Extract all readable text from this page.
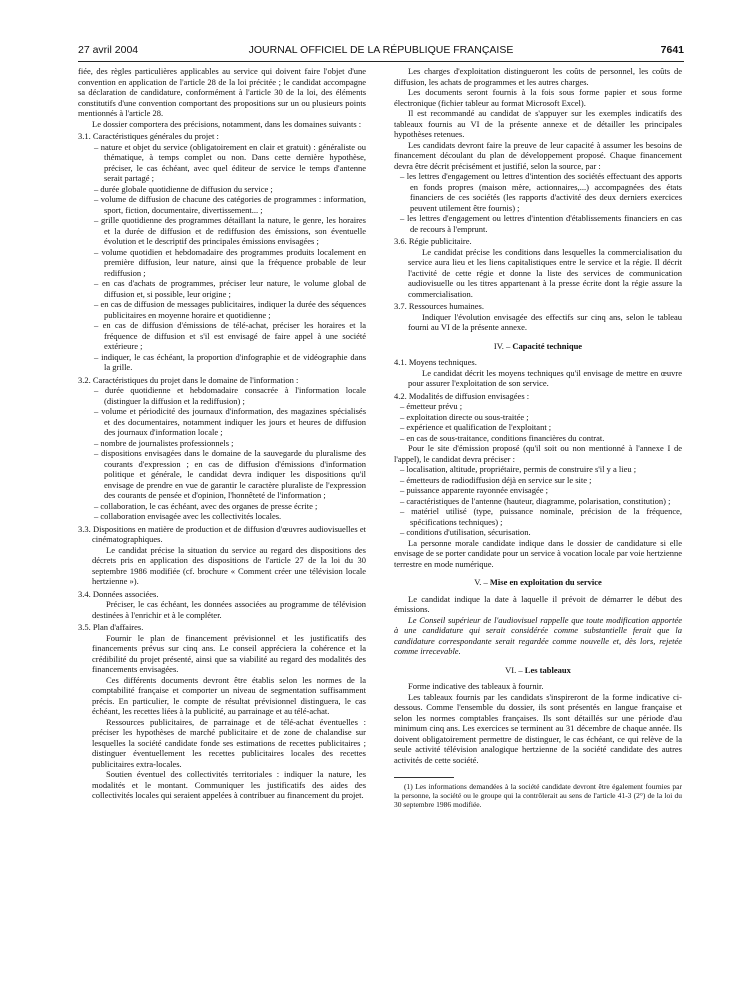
27 avril 2004	JOURNAL OFFICIEL DE LA RÉPUBLIQUE FRANÇAISE	7641

fiée, des règles particulières applicables au service qui doivent faire l'objet d'une convention en application de l'article 28 de la loi précitée ; le candidat accompagne sa déclaration de candidature, conformément à l'article 30 de la loi, des éléments constitutifs d'une convention comportant des propositions sur un ou plusieurs points mentionnés à l'article 28.

Le dossier comportera des précisions, notamment, dans les domaines suivants :

3.1. Caractéristiques générales du projet :

– nature et objet du service (obligatoirement en clair et gratuit) : généraliste ou thématique, à temps complet ou non. Dans cette dernière hypothèse, préciser, le cas échéant, avec quel éditeur de service le temps d'antenne serait partagé ;

– durée globale quotidienne de diffusion du service ;

– volume de diffusion de chacune des catégories de programmes : information, sport, fiction, documentaire, divertissement... ;

– grille quotidienne des programmes détaillant la nature, le genre, les horaires et la durée de diffusion et de rediffusion des émissions, son éventuelle évolution et le descriptif des principales émissions envisagées ;

– volume quotidien et hebdomadaire des programmes produits localement en première diffusion, leur nature, ainsi que la fréquence probable de leur rediffusion ;

– en cas d'achats de programmes, préciser leur nature, le volume global de diffusion et, si possible, leur origine ;

– en cas de diffusion de messages publicitaires, indiquer la durée des séquences publicitaires en moyenne horaire et quotidienne ;

– en cas de diffusion d'émissions de télé-achat, préciser les horaires et la fréquence de diffusion et s'il est envisagé de faire appel à une société extérieure ;

– indiquer, le cas échéant, la proportion d'infographie et de vidéographie dans la grille.

3.2. Caractéristiques du projet dans le domaine de l'information :

– durée quotidienne et hebdomadaire consacrée à l'information locale (distinguer la diffusion et la rediffusion) ;

– volume et périodicité des journaux d'information, des magazines spécialisés et des documentaires, notamment indiquer les jours et heures de diffusion des journaux d'information locale ;

– nombre de journalistes professionnels ;

– dispositions envisagées dans le domaine de la sauvegarde du pluralisme des courants d'expression ; en cas de diffusion d'émissions d'information politique et générale, le candidat devra indiquer les dispositions qu'il envisage de prendre en vue de garantir le caractère pluraliste de l'expression des courants de pensée et d'opinion, l'honnêteté de l'information ;

– collaboration, le cas échéant, avec des organes de presse écrite ;

– collaboration envisagée avec les collectivités locales.

3.3. Dispositions en matière de production et de diffusion d'œuvres audiovisuelles et cinématographiques.

Le candidat précise la situation du service au regard des dispositions des décrets pris en application des dispositions de l'article 27 de la loi du 30 septembre 1986 modifiée (cf. brochure « Comment créer une télévision locale hertzienne »).

3.4. Données associées.

Préciser, le cas échéant, les données associées au programme de télévision destinées à l'enrichir et à le compléter.

3.5. Plan d'affaires.

Fournir le plan de financement prévisionnel et les justificatifs des financements prévus sur cinq ans. Le conseil appréciera la cohérence et la crédibilité du projet présenté, ainsi que sa viabilité au regard des modalités des financements envisagées.

Ces différents documents devront être établis selon les normes de la comptabilité française et comporter un niveau de segmentation suffisamment précis. En particulier, le compte de résultat prévisionnel distinguera, le cas échéant, les recettes liées à la publicité, au parrainage et au télé-achat.

Ressources publicitaires, de parrainage et de télé-achat éventuelles : préciser les hypothèses de marché publicitaire et de zone de chalandise sur lesquelles la société candidate fonde ses estimations de recettes publicitaires ; distinguer éventuellement les recettes publicitaires locales des recettes publicitaires extra-locales.

Soutien éventuel des collectivités territoriales : indiquer la nature, les modalités et le montant. Communiquer les justificatifs des aides des collectivités locales qui seraient appelées à contribuer au financement du projet.

Les charges d'exploitation distingueront les coûts de personnel, les coûts de diffusion, les achats de programmes et les autres charges.

Les documents seront fournis à la fois sous forme papier et sous forme électronique (fichier tableur au format Microsoft Excel).

Il est recommandé au candidat de s'appuyer sur les exemples indicatifs des tableaux fournis au VI de la présente annexe et de détailler les principales hypothèses retenues.

Les candidats devront faire la preuve de leur capacité à assumer les besoins de financement découlant du plan de développement proposé. Chaque financement devra être décrit précisément et justifié, selon la source, par :

– les lettres d'engagement ou lettres d'intention des sociétés effectuant des apports en fonds propres (maison mère, actionnaires,...) accompagnées des états financiers de ces sociétés (les rapports d'activité des deux derniers exercices peuvent utilement être fournis) ;

– les lettres d'engagement ou lettres d'intention d'établissements financiers en cas de recours à l'emprunt.

3.6. Régie publicitaire.

Le candidat précise les conditions dans lesquelles la commercialisation du service aura lieu et les liens capitalistiques entre le service et la régie. Il décrit l'activité de cette régie et donne la liste des services de communication audiovisuelle ou les titres appartenant à la presse écrite dont la régie assure la commercialisation.

3.7. Ressources humaines.

Indiquer l'évolution envisagée des effectifs sur cinq ans, selon le tableau fourni au VI de la présente annexe.

IV. – Capacité technique

4.1. Moyens techniques.

Le candidat décrit les moyens techniques qu'il envisage de mettre en œuvre pour assurer l'exploitation de son service.

4.2. Modalités de diffusion envisagées :

– émetteur prévu ;

– exploitation directe ou sous-traitée ;

– expérience et qualification de l'exploitant ;

– en cas de sous-traitance, conditions financières du contrat.

Pour le site d'émission proposé (qu'il soit ou non mentionné à l'annexe I de l'appel), le candidat devra préciser :

– localisation, altitude, propriétaire, permis de construire s'il y a lieu ;

– émetteurs de radiodiffusion déjà en service sur le site ;

– puissance apparente rayonnée envisagée ;

– caractéristiques de l'antenne (hauteur, diagramme, polarisation, constitution) ;

– matériel utilisé (type, puissance nominale, précision de la fréquence, spécifications techniques) ;

– conditions d'utilisation, sécurisation.

La personne morale candidate indique dans le dossier de candidature si elle envisage de se porter candidate pour un service à vocation locale par voie hertzienne terrestre en mode numérique.

V. – Mise en exploitation du service

Le candidat indique la date à laquelle il prévoit de démarrer le début des émissions.

Le Conseil supérieur de l'audiovisuel rappelle que toute modification apportée à une candidature qui serait considérée comme substantielle ferait que la candidature correspondante serait regardée comme nouvelle et, dès lors, rejetée comme irrecevable.

VI. – Les tableaux

Forme indicative des tableaux à fournir.

Les tableaux fournis par les candidats s'inspireront de la forme indicative ci-dessous. Comme l'ensemble du dossier, ils sont présentés en langue française et selon les normes comptables françaises. Ils sont détaillés sur une période d'au minimum cinq ans. Les exercices se terminent au 31 décembre de chaque année. Ils doivent obligatoirement permettre de distinguer, le cas échéant, ce qui relève de la seule activité télévision analogique hertzienne de la société candidate des autres activités de cette société.

(1) Les informations demandées à la société candidate devront être également fournies par la personne, la société ou le groupe qui la contrôlerait au sens de l'article 41-3 (2°) de la loi du 30 septembre 1986 modifiée.
